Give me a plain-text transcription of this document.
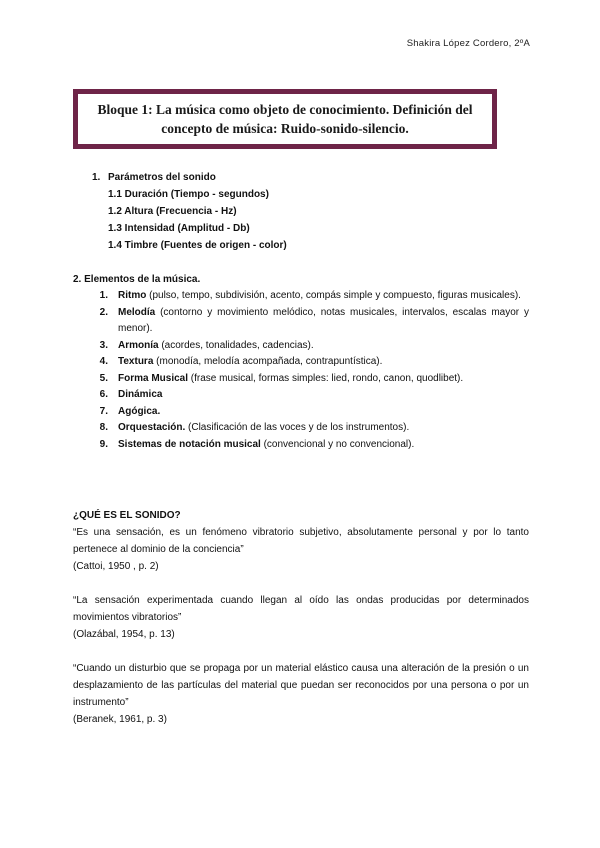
Shakira López Cordero, 2ºA
Bloque 1: La música como objeto de conocimiento. Definición del
concepto de música: Ruido-sonido-silencio.
1. Parámetros del sonido
1.1 Duración (Tiempo - segundos)
1.2 Altura (Frecuencia - Hz)
1.3 Intensidad (Amplitud - Db)
1.4 Timbre (Fuentes de origen - color)
2. Elementos de la música.
1.	Ritmo (pulso, tempo, subdivisión, acento, compás simple y compuesto, figuras musicales).
2.	Melodía (contorno y movimiento melódico, notas musicales, intervalos, escalas mayor y menor).
3.	Armonía (acordes, tonalidades, cadencias).
4.	Textura (monodía, melodía acompañada, contrapuntística).
5.	Forma Musical (frase musical, formas simples: lied, rondo, canon, quodlibet).
6.	Dinámica
7.	Agógica.
8.	Orquestación. (Clasificación de las voces y de los instrumentos).
9.	Sistemas de notación musical (convencional y no convencional).
¿QUÉ ES EL SONIDO?
“Es una sensación, es un fenómeno vibratorio subjetivo, absolutamente personal y por lo tanto pertenece al dominio de la conciencia”
(Cattoi, 1950 , p. 2)
“La sensación experimentada cuando llegan al oído las ondas producidas por determinados movimientos vibratorios”
(Olazábal, 1954, p. 13)
“Cuando un disturbio que se propaga por un material elástico causa una alteración de la presión o un desplazamiento de las partículas del material que puedan ser reconocidos por una persona o por un instrumento”
(Beranek, 1961, p. 3)
